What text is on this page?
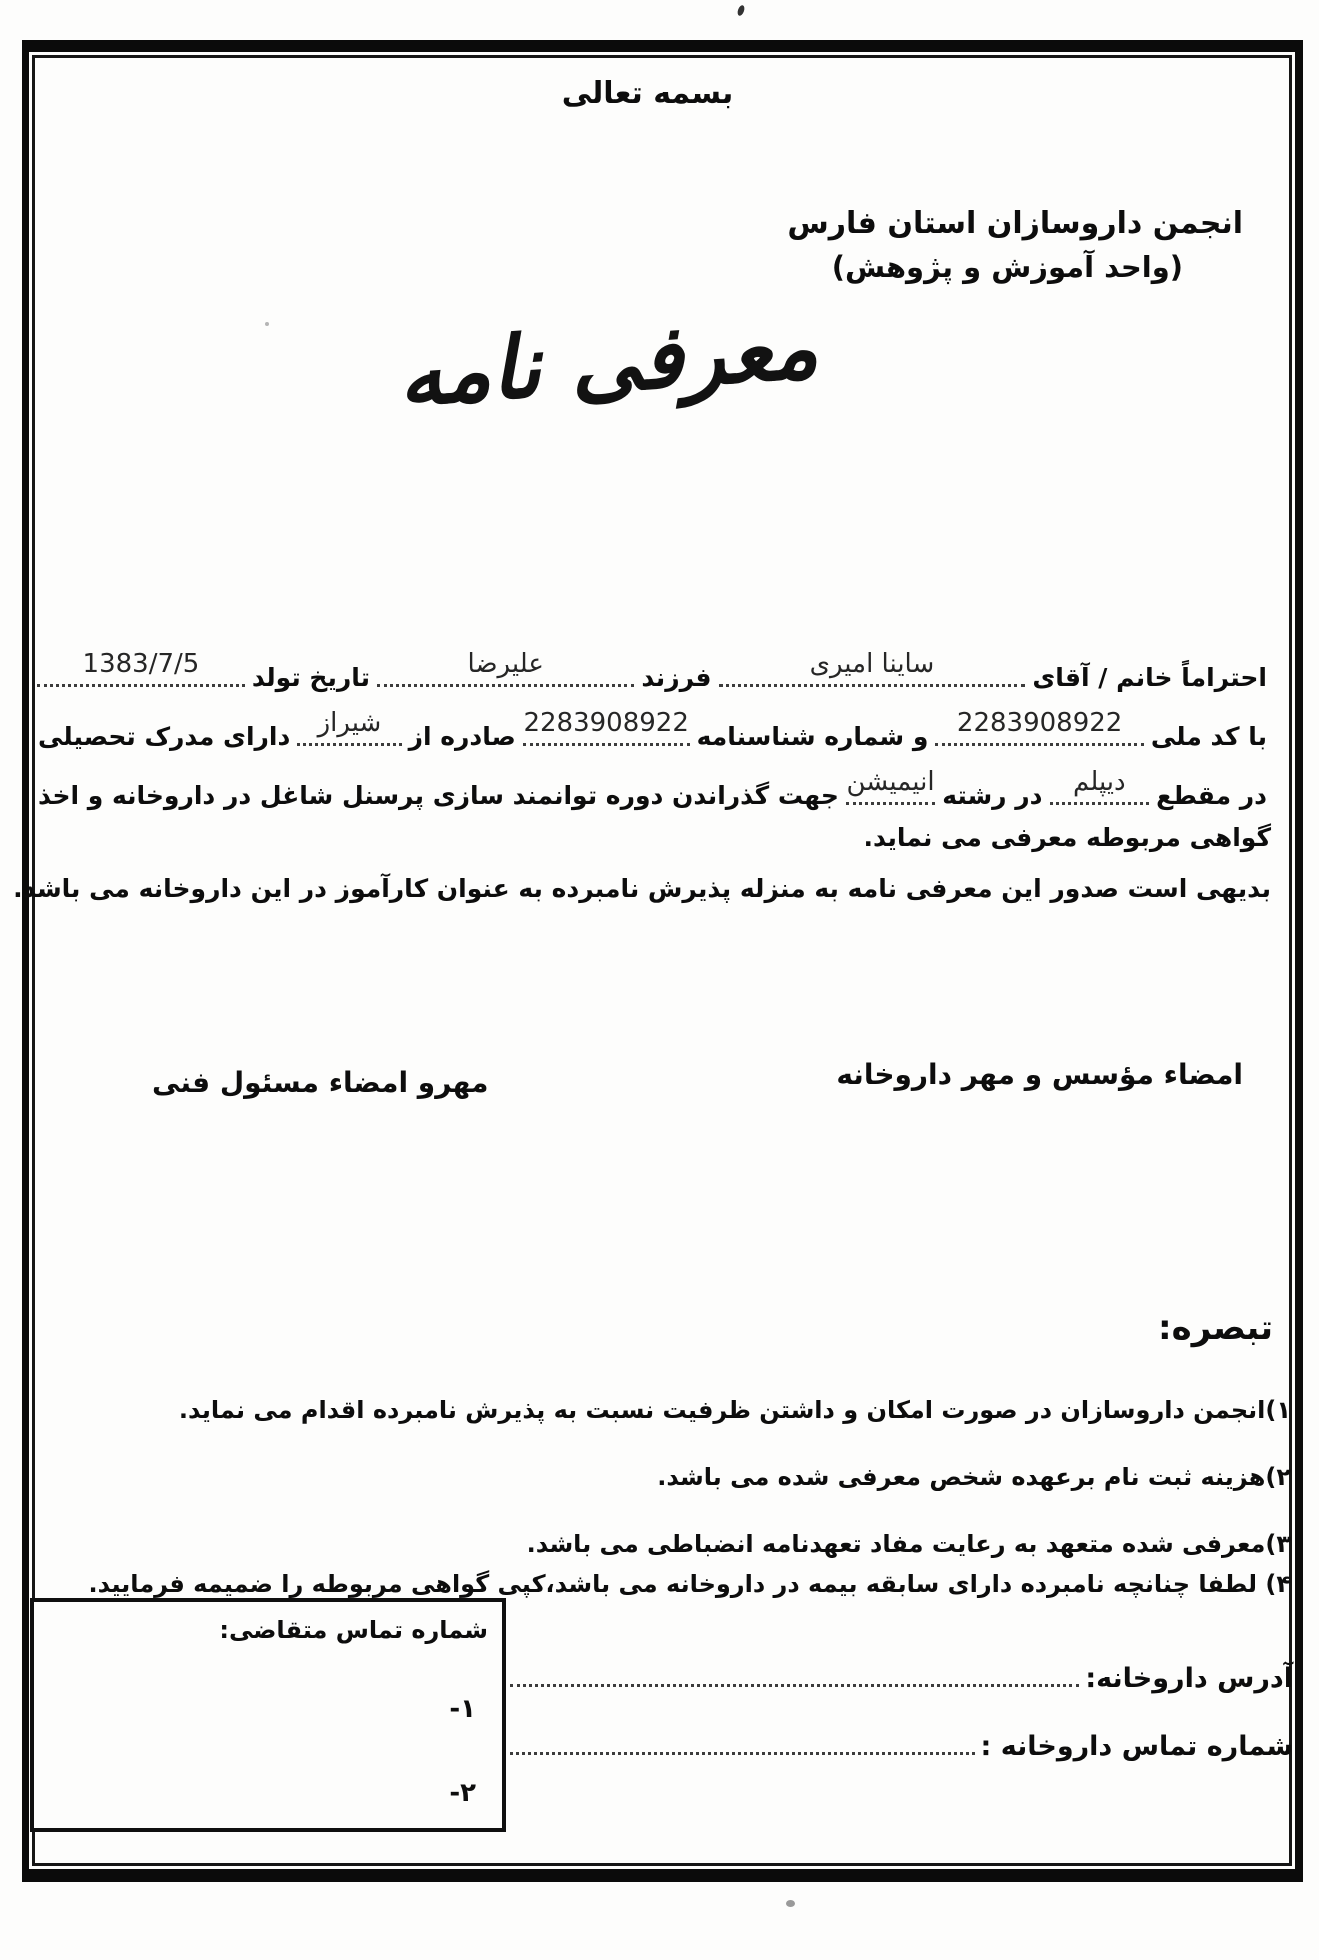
بسمه تعالی
انجمن داروسازان استان فارس
(واحد آموزش و پژوهش)
معرفی نامه
احتراماً خانم / آقای
ساینا امیری
فرزند
علیرضا
تاریخ تولد
1383/7/5
با کد ملی
2283908922
و شماره شناسنامه
2283908922
صادره از
شیراز
دارای مدرک تحصیلی
در مقطع
دیپلم
در رشته
انیمیشن
جهت گذراندن دوره توانمند سازی پرسنل شاغل در داروخانه و اخذ
گواهی مربوطه معرفی می نماید.
بدیهی است صدور این معرفی نامه به منزله پذیرش نامبرده به عنوان کارآموز در این داروخانه می باشد.
امضاء مؤسس و مهر داروخانه
مهرو امضاء مسئول فنی
تبصره:
۱)انجمن داروسازان در صورت امکان و داشتن ظرفیت نسبت به پذیرش نامبرده اقدام می نماید.
۲)هزینه ثبت نام برعهده شخص معرفی شده می باشد.
۳)معرفی شده متعهد به رعایت مفاد تعهدنامه انضباطی می باشد.
۴) لطفا چنانچه نامبرده دارای سابقه بیمه در داروخانه می باشد،کپی گواهی مربوطه را ضمیمه فرمایید.
شماره تماس متقاضی:
۱-
۲-
آدرس داروخانه:
شماره تماس داروخانه :
